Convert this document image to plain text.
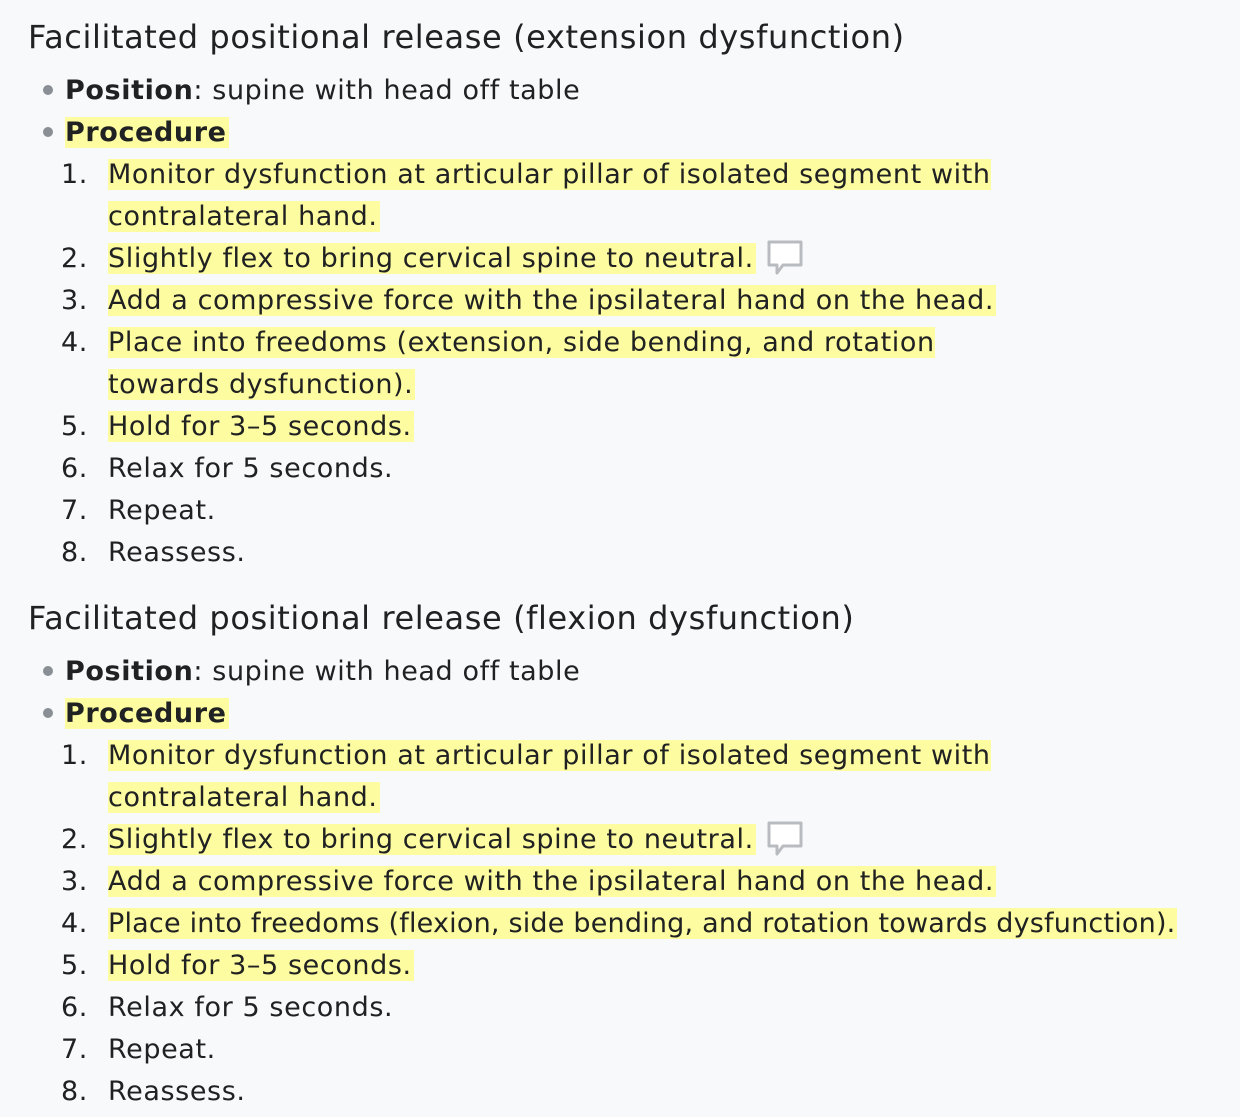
Facilitated positional release (extension dysfunction)
Position: supine with head off table
Procedure
1. Monitor dysfunction at articular pillar of isolated segment with contralateral hand.
2. Slightly flex to bring cervical spine to neutral.
3. Add a compressive force with the ipsilateral hand on the head.
4. Place into freedoms (extension, side bending, and rotation towards dysfunction).
5. Hold for 3–5 seconds.
6. Relax for 5 seconds.
7. Repeat.
8. Reassess.
Facilitated positional release (flexion dysfunction)
Position: supine with head off table
Procedure
1. Monitor dysfunction at articular pillar of isolated segment with contralateral hand.
2. Slightly flex to bring cervical spine to neutral.
3. Add a compressive force with the ipsilateral hand on the head.
4. Place into freedoms (flexion, side bending, and rotation towards dysfunction).
5. Hold for 3–5 seconds.
6. Relax for 5 seconds.
7. Repeat.
8. Reassess.
